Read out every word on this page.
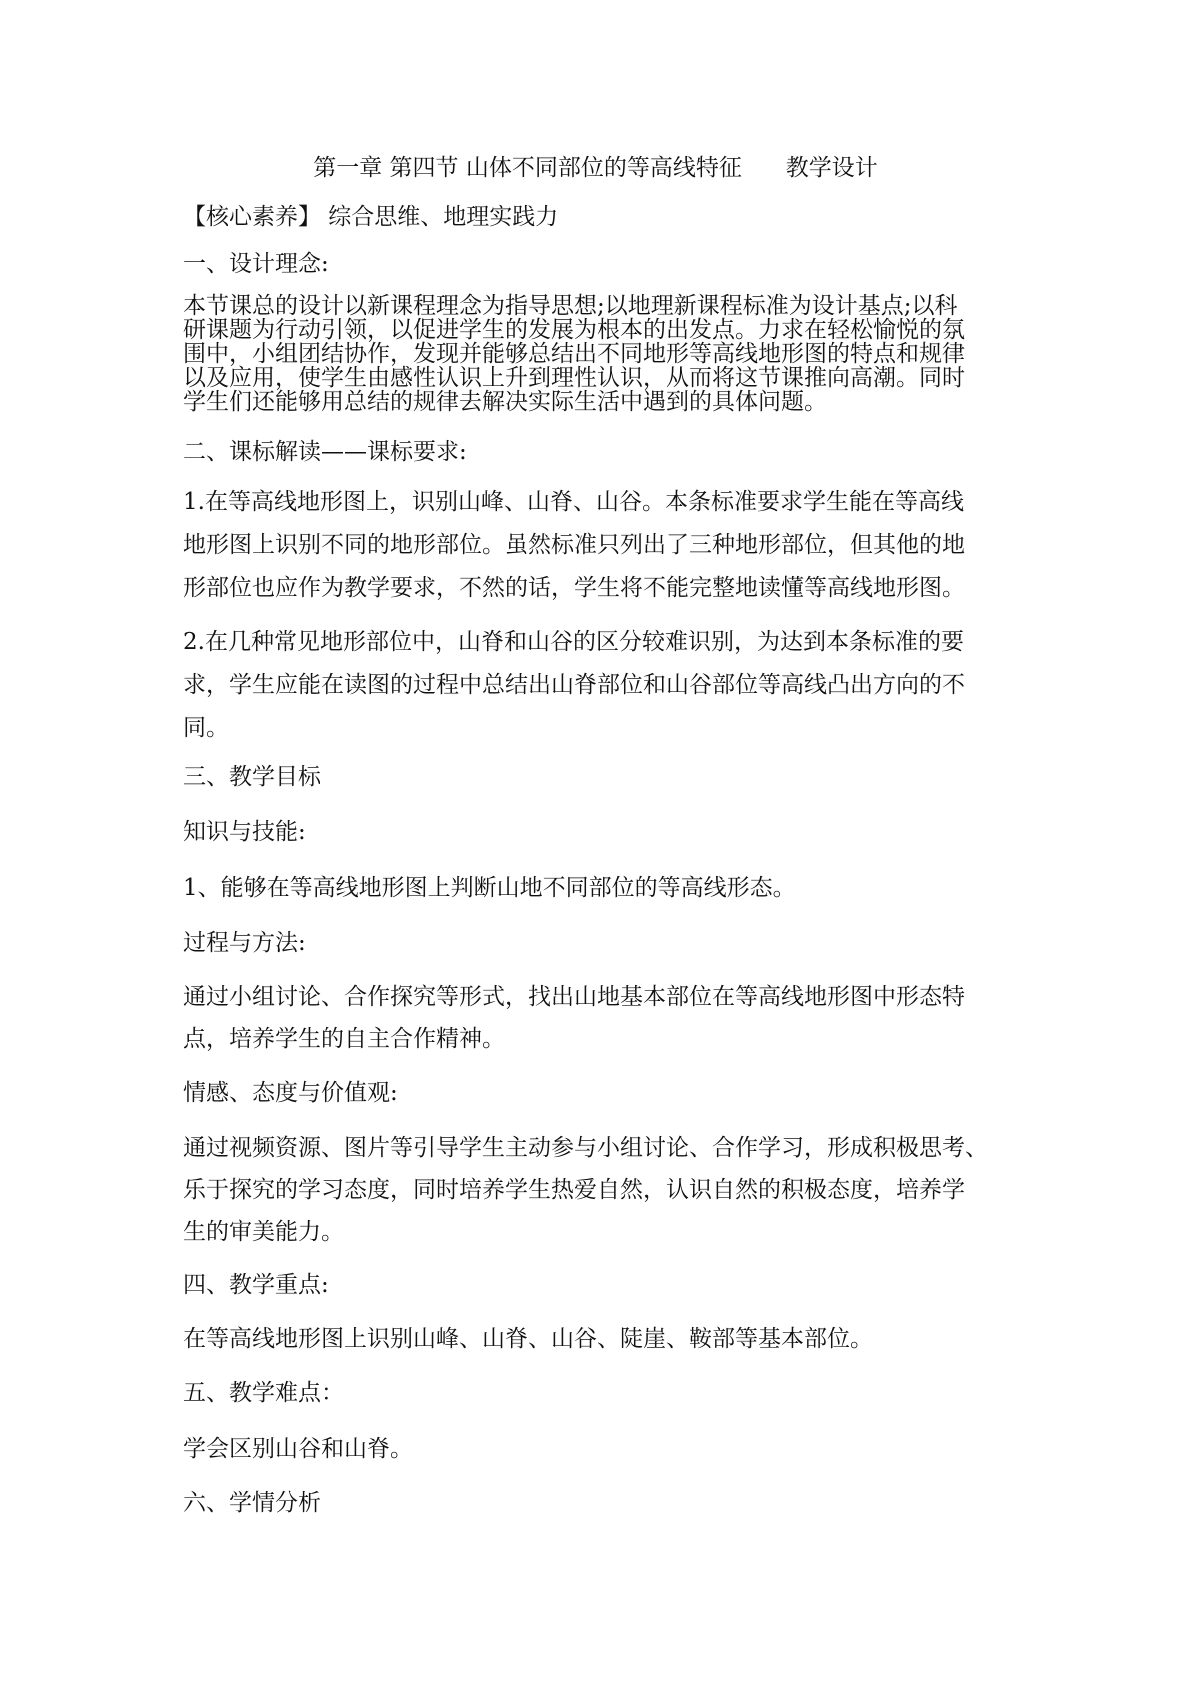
第一章 第四节 山体不同部位的等高线特征      教学设计
【核心素养】 综合思维、地理实践力
一、设计理念:
本节课总的设计以新课程理念为指导思想;以地理新课程标准为设计基点;以科
研课题为行动引领，以促进学生的发展为根本的出发点。力求在轻松愉悦的氛
围中，小组团结协作，发现并能够总结出不同地形等高线地形图的特点和规律
以及应用，使学生由感性认识上升到理性认识，从而将这节课推向高潮。同时
学生们还能够用总结的规律去解决实际生活中遇到的具体问题。
二、课标解读——课标要求:
1.在等高线地形图上，识别山峰、山脊、山谷。本条标准要求学生能在等高线
地形图上识别不同的地形部位。虽然标准只列出了三种地形部位，但其他的地
形部位也应作为教学要求，不然的话，学生将不能完整地读懂等高线地形图。
2.在几种常见地形部位中，山脊和山谷的区分较难识别，为达到本条标准的要
求，学生应能在读图的过程中总结出山脊部位和山谷部位等高线凸出方向的不
同。
三、教学目标
知识与技能:
1、能够在等高线地形图上判断山地不同部位的等高线形态。
过程与方法:
通过小组讨论、合作探究等形式，找出山地基本部位在等高线地形图中形态特
点，培养学生的自主合作精神。
情感、态度与价值观:
通过视频资源、图片等引导学生主动参与小组讨论、合作学习，形成积极思考、
乐于探究的学习态度，同时培养学生热爱自然，认识自然的积极态度，培养学
生的审美能力。
四、教学重点:
在等高线地形图上识别山峰、山脊、山谷、陡崖、鞍部等基本部位。
五、教学难点：
学会区别山谷和山脊。
六、学情分析
